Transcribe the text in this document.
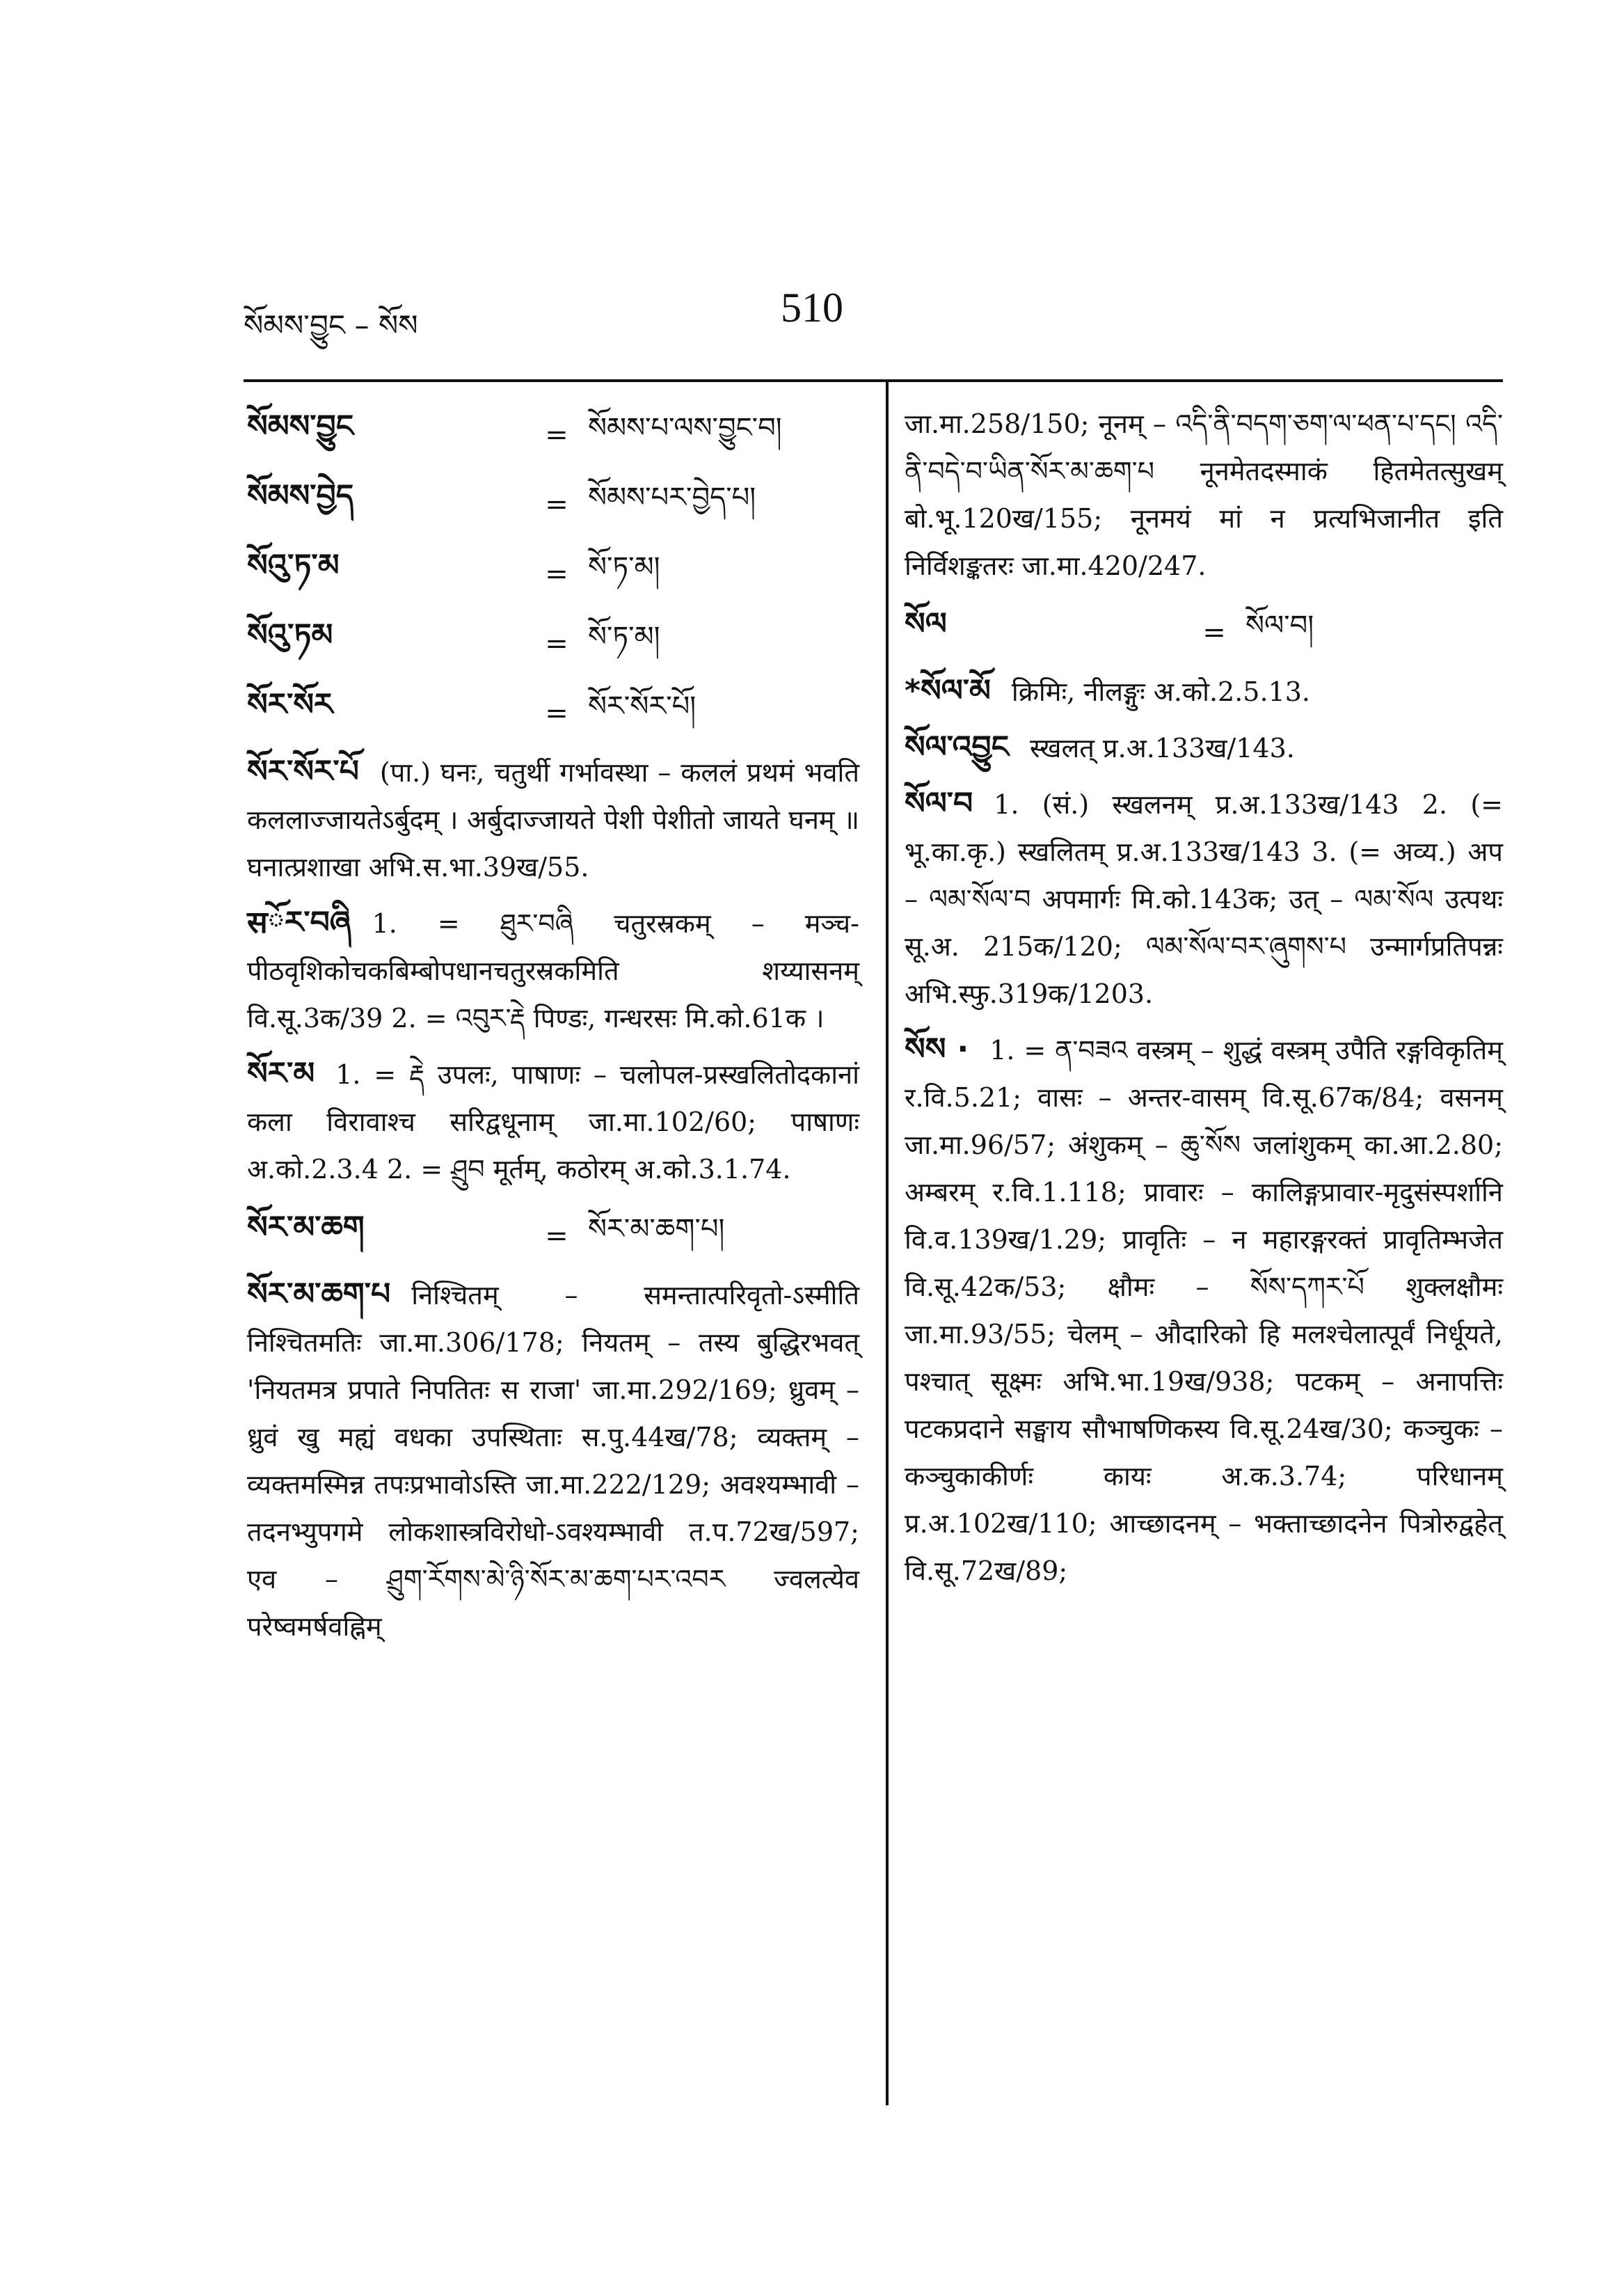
སོམས་བྱུང – སོས	510
སོམས་བྱུང	= སོམས་པ་ལས་བྱུང་བ།
སོམས་བྱེད	= སོམས་པར་བྱེད་པ།
སོའུ་ཏ་མ	= སོ་ཏ་མ།
སོའུ་ཏམ	= སོ་ཏ་མ།
སོར་སོར	= སོར་སོར་པོ།
སོར་སོར་པོ (पा.) घनः, चतुर्थी गर्भावस्था – कललं प्रथमं भवति कललाज्जायतेऽर्बुदम् । अर्बुदाज्जायते पेशी पेशीतो जायते घनम् ॥ घनात्प्रशाखा अभि.स.भा.39ख/55.
सོར་བཞི 1. = ཐུར་བཞི चतुरस्रकम् – मञ्च-पीठवृशिकोचकबिम्बोपधानचतुरस्रकमिति शय्यासनम् वि.सू.3क/39 2. = འབུར་རྡེ पिण्डः, गन्धरसः मि.को.61क ।
སོར་མ 1. = རྡེ उपलः, पाषाणः – चलोपल-प्रस्खलितोदकानां कला विरावाश्च सरिद्वधूनाम् जा.मा.102/60; पाषाणः अ.को.2.3.4 2. = ཤྲུབ मूर्तम्, कठोरम् अ.को.3.1.74.
སོར་མ་ཆག	= སོར་མ་ཆག་པ།
སོར་མ་ཆག་པ निश्चितम् – समन्तात्परिवृतो-ऽस्मीति निश्चितमतिः जा.मा.306/178; नियतम् – तस्य बुद्धिरभवत् 'नियतमत्र प्रपाते निपतितः स राजा' जा.मा.292/169; ध्रुवम् – ध्रुवं खु मह्यं वधका उपस्थिताः स.पु.44ख/78; व्यक्तम् – व्यक्तमस्मिन्न तपःप्रभावोऽस्ति जा.मा.222/129; अवश्यम्भावी – तदनभ्युपगमे लोकशास्त्रविरोधो-ऽवश्यम्भावी त.प.72ख/597; एव – ཤྲུག་རོགས་མེ་ཉི་སོར་མ་ཆག་པར་འབར ज्वलत्येव परेष्वमर्षवह्निम्
जा.मा.258/150; नूनम् – འདི་ནི་བདག་ཅག་ལ་ཕན་པ་དང། འདི་ནི་བདེ་བ་ཡིན་སོར་མ་ཆག་པ नूनमेतदस्माकं हितमेतत्सुखम् बो.भू.120ख/155; नूनमयं मां न प्रत्यभिजानीत इति निर्विशङ्कतरः जा.मा.420/247.
སོལ	= སོལ་བ།
*སོལ་མོ क्रिमिः, नीलङ्गुः अ.को.2.5.13.
སོལ་འབྱུང स्खलत् प्र.अ.133ख/143.
སོལ་བ 1. (सं.) स्खलनम् प्र.अ.133ख/143 2. (= भू.का.कृ.) स्खलितम् प्र.अ.133ख/143 3. (= अव्य.) अप – ལམ་སོལ་བ अपमार्गः मि.को.143क; उत् – ལམ་སོལ उत्पथः सू.अ. 215क/120; ལམ་སོལ་བར་ཞུགས་པ उन्मार्गप्रतिपन्नः अभि.स्फु.319क/1203.
སོས · 1. = ན་བཟའ वस्त्रम् – शुद्धं वस्त्रम् उपैति रङ्गविकृतिम् र.वि.5.21; वासः – अन्तर-वासम् वि.सू.67क/84; वसनम् जा.मा.96/57; अंशुकम् – ཆུ་སོས जलांशुकम् का.आ.2.80; अम्बरम् र.वि.1.118; प्रावारः – कालिङ्गप्रावार-मृदुसंस्पर्शानि वि.व.139ख/1.29; प्रावृतिः – न महारङ्गरक्तं प्रावृतिम्भजेत वि.सू.42क/53; क्षौमः – སོས་དཀར་པོ शुक्लक्षौमः जा.मा.93/55; चेलम् – औदारिको हि मलश्चेलात्पूर्वं निर्धूयते, पश्चात् सूक्ष्मः अभि.भा.19ख/938; पटकम् – अनापत्तिः पटकप्रदाने सङ्घाय सौभाषणिकस्य वि.सू.24ख/30; कञ्चुकः – कञ्चुकाकीर्णः कायः अ.क.3.74; परिधानम् प्र.अ.102ख/110; आच्छादनम् – भक्ताच्छादनेन पित्रोरुद्वहेत् वि.सू.72ख/89;
